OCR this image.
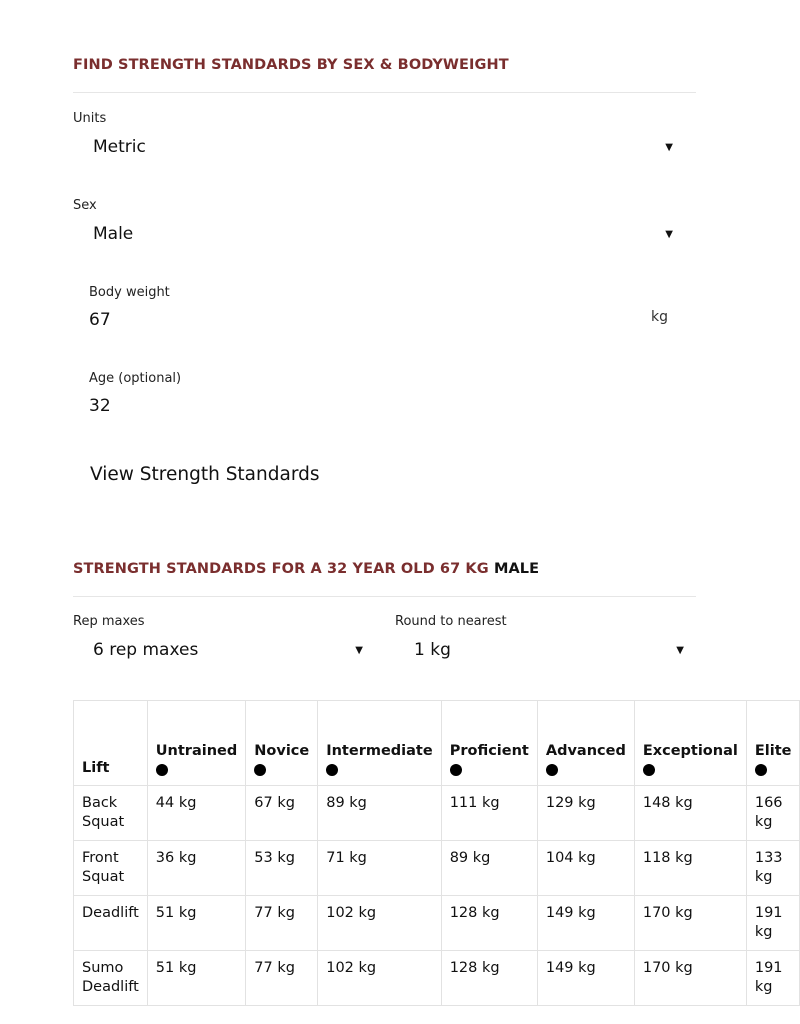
FIND STRENGTH STANDARDS BY SEX & BODYWEIGHT
Units
Metric	▼
Sex
Male	▼
Body weight
67	kg
Age (optional)
32
View Strength Standards
STRENGTH STANDARDS FOR A 32 YEAR OLD 67 KG MALE
Rep maxes
6 rep maxes	▼
Round to nearest
1 kg	▼
Lift	Untrained	Novice	Intermediate	Proficient	Advanced	Exceptional	Elite

Back Squat	44 kg	67 kg	89 kg	111 kg	129 kg	148 kg	166 kg
Front Squat	36 kg	53 kg	71 kg	89 kg	104 kg	118 kg	133 kg
Deadlift	51 kg	77 kg	102 kg	128 kg	149 kg	170 kg	191 kg
Sumo Deadlift	51 kg	77 kg	102 kg	128 kg	149 kg	170 kg	191 kg
